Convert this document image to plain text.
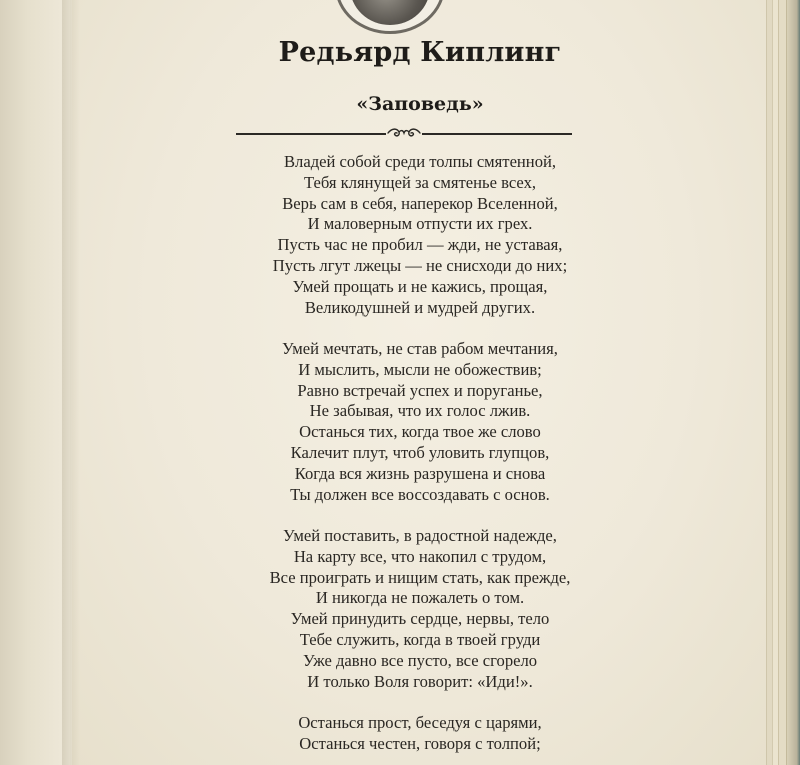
Редьярд Киплинг
«Заповедь»
Владей собой среди толпы смятенной,
Тебя клянущей за смятенье всех,
Верь сам в себя, наперекор Вселенной,
И маловерным отпусти их грех.
Пусть час не пробил — жди, не уставая,
Пусть лгут лжецы — не снисходи до них;
Умей прощать и не кажись, прощая,
Великодушней и мудрей других.
Умей мечтать, не став рабом мечтания,
И мыслить, мысли не обожествив;
Равно встречай успех и поруганье,
Не забывая, что их голос лжив.
Останься тих, когда твое же слово
Калечит плут, чтоб уловить глупцов,
Когда вся жизнь разрушена и снова
Ты должен все воссоздавать с основ.
Умей поставить, в радостной надежде,
На карту все, что накопил с трудом,
Все проиграть и нищим стать, как прежде,
И никогда не пожалеть о том.
Умей принудить сердце, нервы, тело
Тебе служить, когда в твоей груди
Уже давно все пусто, все сгорело
И только Воля говорит: «Иди!».
Останься прост, беседуя с царями,
Останься честен, говоря с толпой;
